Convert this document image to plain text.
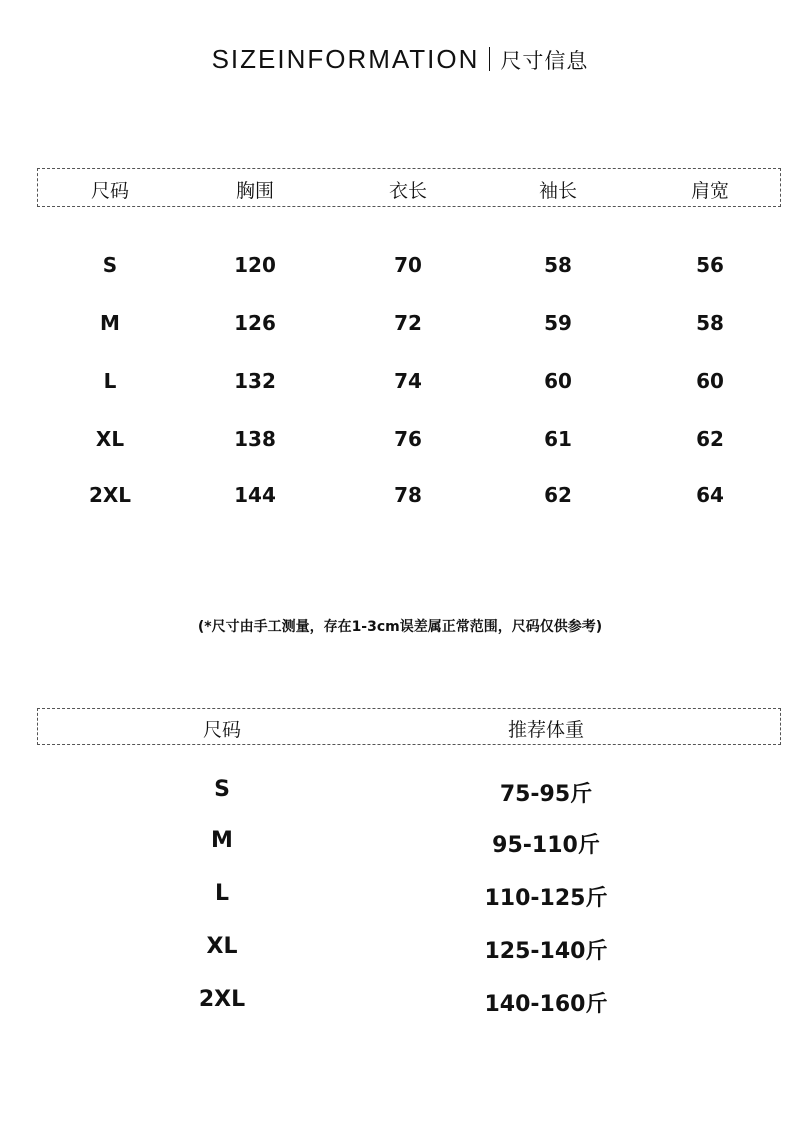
SIZEINFORMATION 尺寸信息
尺码	胸围	衣长	袖长	肩宽
S	120	70	58	56
M	126	72	59	58
L	132	74	60	60
XL	138	76	61	62
2XL	144	78	62	64
(*尺寸由手工测量，存在1-3cm误差属正常范围，尺码仅供参考)
尺码	推荐体重
S	75-95斤
M	95-110斤
L	110-125斤
XL	125-140斤
2XL	140-160斤
